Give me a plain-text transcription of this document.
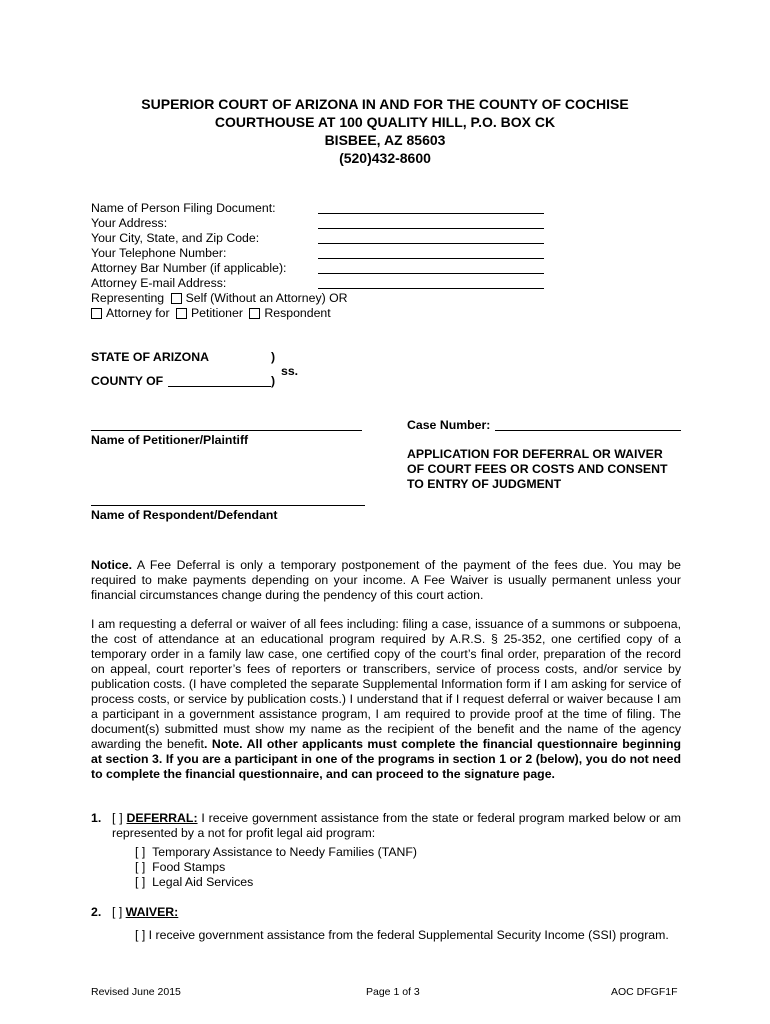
SUPERIOR COURT OF ARIZONA IN AND FOR THE COUNTY OF COCHISE
COURTHOUSE AT 100 QUALITY HILL, P.O. BOX CK
BISBEE, AZ 85603
(520)432-8600
Name of Person Filing Document:
Your Address:
Your City, State, and Zip Code:
Your Telephone Number:
Attorney Bar Number (if applicable):
Attorney E-mail Address:
Representing Self (Without an Attorney) OR
Attorney for Petitioner Respondent
STATE OF ARIZONA	)
ss.
COUNTY OF	)
Name of Petitioner/Plaintiff
Case Number:
APPLICATION FOR DEFERRAL OR WAIVER
OF COURT FEES OR COSTS AND CONSENT
TO ENTRY OF JUDGMENT
Name of Respondent/Defendant
Notice. A Fee Deferral is only a temporary postponement of the payment of the fees due. You may be required to make payments depending on your income. A Fee Waiver is usually permanent unless your financial circumstances change during the pendency of this court action.
I am requesting a deferral or waiver of all fees including: filing a case, issuance of a summons or subpoena, the cost of attendance at an educational program required by A.R.S. § 25-352, one certified copy of a temporary order in a family law case, one certified copy of the court’s final order, preparation of the record on appeal, court reporter’s fees of reporters or transcribers, service of process costs, and/or service by publication costs. (I have completed the separate Supplemental Information form if I am asking for service of process costs, or service by publication costs.) I understand that if I request deferral or waiver because I am a participant in a government assistance program, I am required to provide proof at the time of filing. The document(s) submitted must show my name as the recipient of the benefit and the name of the agency awarding the benefit. Note. All other applicants must complete the financial questionnaire beginning at section 3. If you are a participant in one of the programs in section 1 or 2 (below), you do not need to complete the financial questionnaire, and can proceed to the signature page.
1. [ ] DEFERRAL: I receive government assistance from the state or federal program marked below or am represented by a not for profit legal aid program:
[ ] Temporary Assistance to Needy Families (TANF)
[ ] Food Stamps
[ ] Legal Aid Services
2. [ ] WAIVER:
[ ] I receive government assistance from the federal Supplemental Security Income (SSI) program.
Revised June 2015	Page 1 of 3	AOC DFGF1F
